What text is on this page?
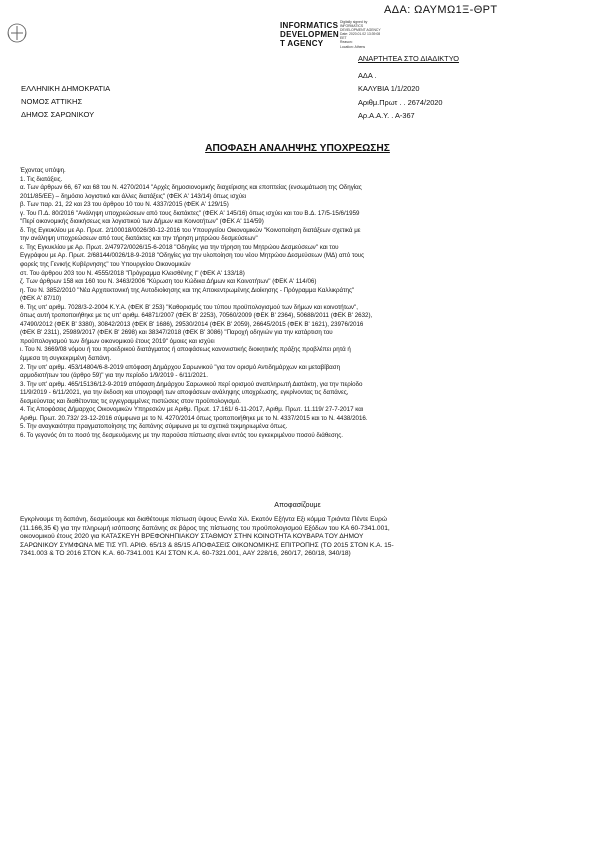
ΑΔΑ: ΩΑΥΜΩ1Ξ-ΘΡΤ
INFORMATICS
DEVELOPMEN
T AGENCY
Digitally signed by
INFORMATICS
DEVELOPMENT AGENCY
Date: 2020.01.02 13:39:08
EET
Reason:
Location: Athens
ΑΝΑΡΤΗΤΕΑ ΣΤΟ ΔΙΑΔΙΚΤΥΟ
ΕΛΛΗΝΙΚΗ ΔΗΜΟΚΡΑΤΙΑ
ΝΟΜΟΣ ΑΤΤΙΚΗΣ
ΔΗΜΟΣ ΣΑΡΩΝΙΚΟΥ
ΑΔΑ .
ΚΑΛΥΒΙΑ 1/1/2020
Αριθμ.Πρωτ . . 2674/2020
Αρ.Α.Α.Υ. . Α-367
ΑΠΟΦΑΣΗ ΑΝΑΛΗΨΗΣ ΥΠΟΧΡΕΩΣΗΣ
Έχοντας υπόψη.
1. Τις διατάξεις.
α. Των άρθρων 66, 67 και 68 του Ν. 4270/2014 "Αρχές δημοσιονομικής διαχείρισης και εποπτείας (ενσωμάτωση της Οδηγίας
2011/85/ΕΕ) – δημόσιο λογιστικό και άλλες διατάξεις" (ΦΕΚ Α' 143/14) όπως ισχύει
β. Των παρ. 21, 22 και 23 του άρθρου 10 του Ν. 4337/2015 (ΦΕΚ Α' 129/15)
γ. Του Π.Δ. 80/2016 "Ανάληψη υποχρεώσεων από τους διατάκτες" (ΦΕΚ Α' 145/16) όπως ισχύει και του Β.Δ. 17/5-15/6/1959
"Περί οικονομικής διοικήσεως και λογιστικού των Δήμων και Κοινοτήτων" (ΦΕΚ Α' 114/59)
δ. Της Εγκυκλίου με Αρ. Πρωτ. 2/100018/0026/30-12-2016 του Υπουργείου Οικονομικών "Κοινοποίηση διατάξεων σχετικά με
την ανάληψη υποχρεώσεων από τους διατάκτες και την τήρηση μητρώου δεσμεύσεων"
ε. Της Εγκυκλίου με Αρ. Πρωτ. 2/47972/0026/15-6-2018 "Οδηγίες για την τήρηση του Μητρώου Δεσμεύσεων" και του
Εγγράφου με Αρ. Πρωτ. 2/68144/0026/18-9-2018 "Οδηγίες για την υλοποίηση του νέου Μητρώου Δεσμεύσεων (ΜΔ) από τους
φορείς της Γενικής Κυβέρνησης" του Υπουργείου Οικονομικών
στ. Του άρθρου 203 του Ν. 4555/2018 "Πρόγραμμα Κλεισθένης Ι" (ΦΕΚ Α' 133/18)
ζ. Των άρθρων 158 και 160 του Ν. 3463/2006 "Κύρωση του Κώδικα Δήμων και Κοινοτήτων" (ΦΕΚ Α' 114/06)
η. Του Ν. 3852/2010 "Νέα Αρχιτεκτονική της Αυτοδιοίκησης και της Αποκεντρωμένης Διοίκησης - Πρόγραμμα Καλλικράτης"
(ΦΕΚ Α' 87/10)
θ. Της υπ' αριθμ. 7028/3-2-2004 Κ.Υ.Α. (ΦΕΚ Β' 253) "Καθορισμός του τύπου προϋπολογισμού των δήμων και κοινοτήτων",
όπως αυτή τροποποιήθηκε με τις υπ' αριθμ. 64871/2007 (ΦΕΚ Β' 2253), 70560/2009 (ΦΕΚ Β' 2364), 50688/2011 (ΦΕΚ Β' 2632),
47490/2012 (ΦΕΚ Β' 3380), 30842/2013 (ΦΕΚ Β' 1686), 29530/2014 (ΦΕΚ Β' 2059), 26645/2015 (ΦΕΚ Β' 1621), 23976/2016
(ΦΕΚ Β' 2311), 25989/2017 (ΦΕΚ Β' 2698) και 38347/2018 (ΦΕΚ Β' 3086) "Παροχή οδηγιών για την κατάρτιση του
προϋπολογισμού των δήμων οικονομικού έτους 2019" όμοιες και ισχύει
ι. Του Ν. 3669/08 νόμου ή του προεδρικού διατάγματος ή αποφάσεως κανονιστικής διοικητικής πράξης προβλέπει ρητά ή
έμμεσα τη συγκεκριμένη δαπάνη.
2. Την υπ' αριθμ. 453/14804/6-8-2019 απόφαση Δημάρχου Σαρωνικού "για τον ορισμό Αντιδημάρχων και μεταβίβαση
αρμοδιοτήτων του (άρθρο 59)" για την περίοδο 1/9/2019 - 6/11/2021.
3. Την υπ' αριθμ. 465/15136/12-9-2019 απόφαση Δημάρχου Σαρωνικού περί ορισμού αναπληρωτή Διατάκτη, για την περίοδο
11/9/2019 - 6/11/2021, για την έκδοση και υπογραφή των αποφάσεων ανάληψης υποχρέωσης, εγκρίνοντας τις δαπάνες,
δεσμεύοντας και διαθέτοντας τις εγγεγραμμένες πιστώσεις στον προϋπολογισμό.
4. Τις Αποφάσεις Δήμαρχος Οικονομικών Υπηρεσιών με Αριθμ. Πρωτ. 17.161/ 6-11-2017, Αριθμ. Πρωτ. 11.119/ 27-7-2017 και
Αριθμ. Πρωτ. 20.732/ 23-12-2016 σύμφωνα με το Ν. 4270/2014 όπως τροποποιήθηκε με το Ν. 4337/2015 και το Ν. 4438/2016.
5. Την αναγκαιότητα πραγματοποίησης της δαπάνης σύμφωνα με τα σχετικά τεκμηριωμένα όπως.
6. Το γεγονός ότι το ποσό της δεσμευόμενης με την παρούσα πίστωσης είναι εντός του εγκεκριμένου ποσού διάθεσης.
Αποφασίζουμε
Εγκρίνουμε τη δαπάνη, δεσμεύουμε και διαθέτουμε πίστωση ύψους Εννέα Χιλ. Εκατόν Εξήντα Εξι κόμμα Τριάντα Πέντε Ευρώ
(11.166,35 €) για την πληρωμή ισόποσης δαπάνης σε βάρος της πίστωσης του προϋπολογισμού Εξόδων του ΚΑ 60-7341.001,
οικονομικού έτους 2020 για ΚΑΤΑΣΚΕΥΗ ΒΡΕΦΟΝΗΠΙΑΚΟΥ ΣΤΑΘΜΟΥ ΣΤΗΝ ΚΟΙΝΟΤΗΤΑ ΚΟΥΒΑΡΑ ΤΟΥ ΔΗΜΟΥ
ΣΑΡΩΝΙΚΟΥ ΣΥΜΦΩΝΑ ΜΕ ΤΙΣ ΥΠ. ΑΡΙΘ. 65/13 & 85/15 ΑΠΟΦΑΣΕΙΣ ΟΙΚΟΝΟΜΙΚΗΣ ΕΠΙΤΡΟΠΗΣ (ΤΟ 2015 ΣΤΟΝ Κ.Α. 15-
7341.003 & ΤΟ 2016 ΣΤΟΝ Κ.Α. 60-7341.001 ΚΑΙ ΣΤΟΝ Κ.Α. 60-7321.001, ΑΑΥ 228/16, 260/17, 260/18, 340/18)
